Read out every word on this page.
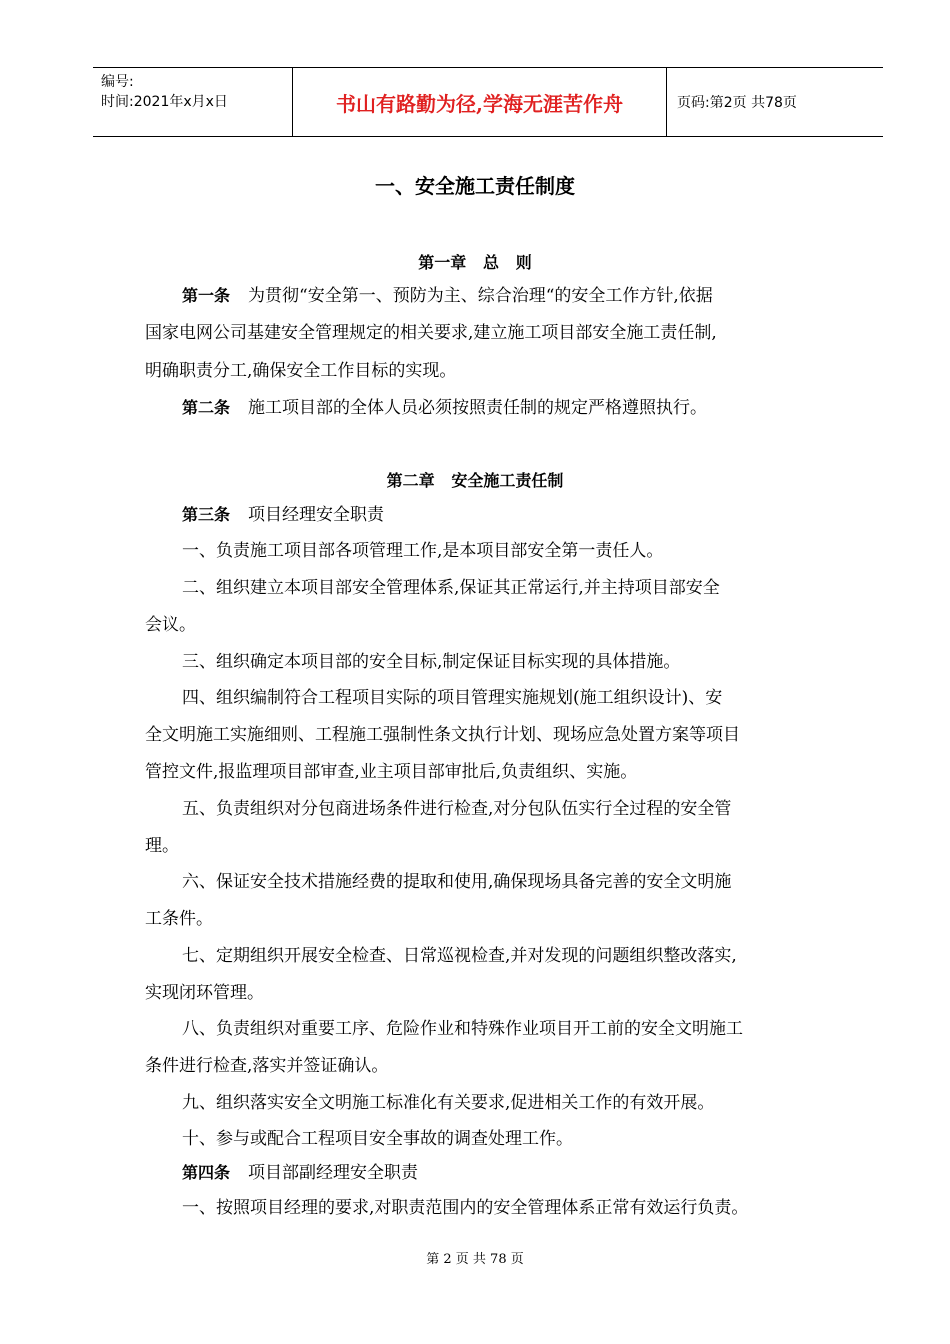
编号:
时间:2021年x月x日	书山有路勤为径,学海无涯苦作舟	页码:第2页 共78页
一、安全施工责任制度
第一章   总   则
第一条 为贯彻“安全第一、预防为主、综合治理“的安全工作方针,依据
国家电网公司基建安全管理规定的相关要求,建立施工项目部安全施工责任制,
明确职责分工,确保安全工作目标的实现。
第二条 施工项目部的全体人员必须按照责任制的规定严格遵照执行。
第二章   安全施工责任制
第三条 项目经理安全职责
一、负责施工项目部各项管理工作,是本项目部安全第一责任人。
二、组织建立本项目部安全管理体系,保证其正常运行,并主持项目部安全
会议。
三、组织确定本项目部的安全目标,制定保证目标实现的具体措施。
四、组织编制符合工程项目实际的项目管理实施规划(施工组织设计)、安
全文明施工实施细则、工程施工强制性条文执行计划、现场应急处置方案等项目
管控文件,报监理项目部审查,业主项目部审批后,负责组织、实施。
五、负责组织对分包商进场条件进行检查,对分包队伍实行全过程的安全管
理。
六、保证安全技术措施经费的提取和使用,确保现场具备完善的安全文明施
工条件。
七、定期组织开展安全检查、日常巡视检查,并对发现的问题组织整改落实,
实现闭环管理。
八、负责组织对重要工序、危险作业和特殊作业项目开工前的安全文明施工
条件进行检查,落实并签证确认。
九、组织落实安全文明施工标准化有关要求,促进相关工作的有效开展。
十、参与或配合工程项目安全事故的调查处理工作。
第四条 项目部副经理安全职责
一、按照项目经理的要求,对职责范围内的安全管理体系正常有效运行负责。
第 2 页 共 78 页
